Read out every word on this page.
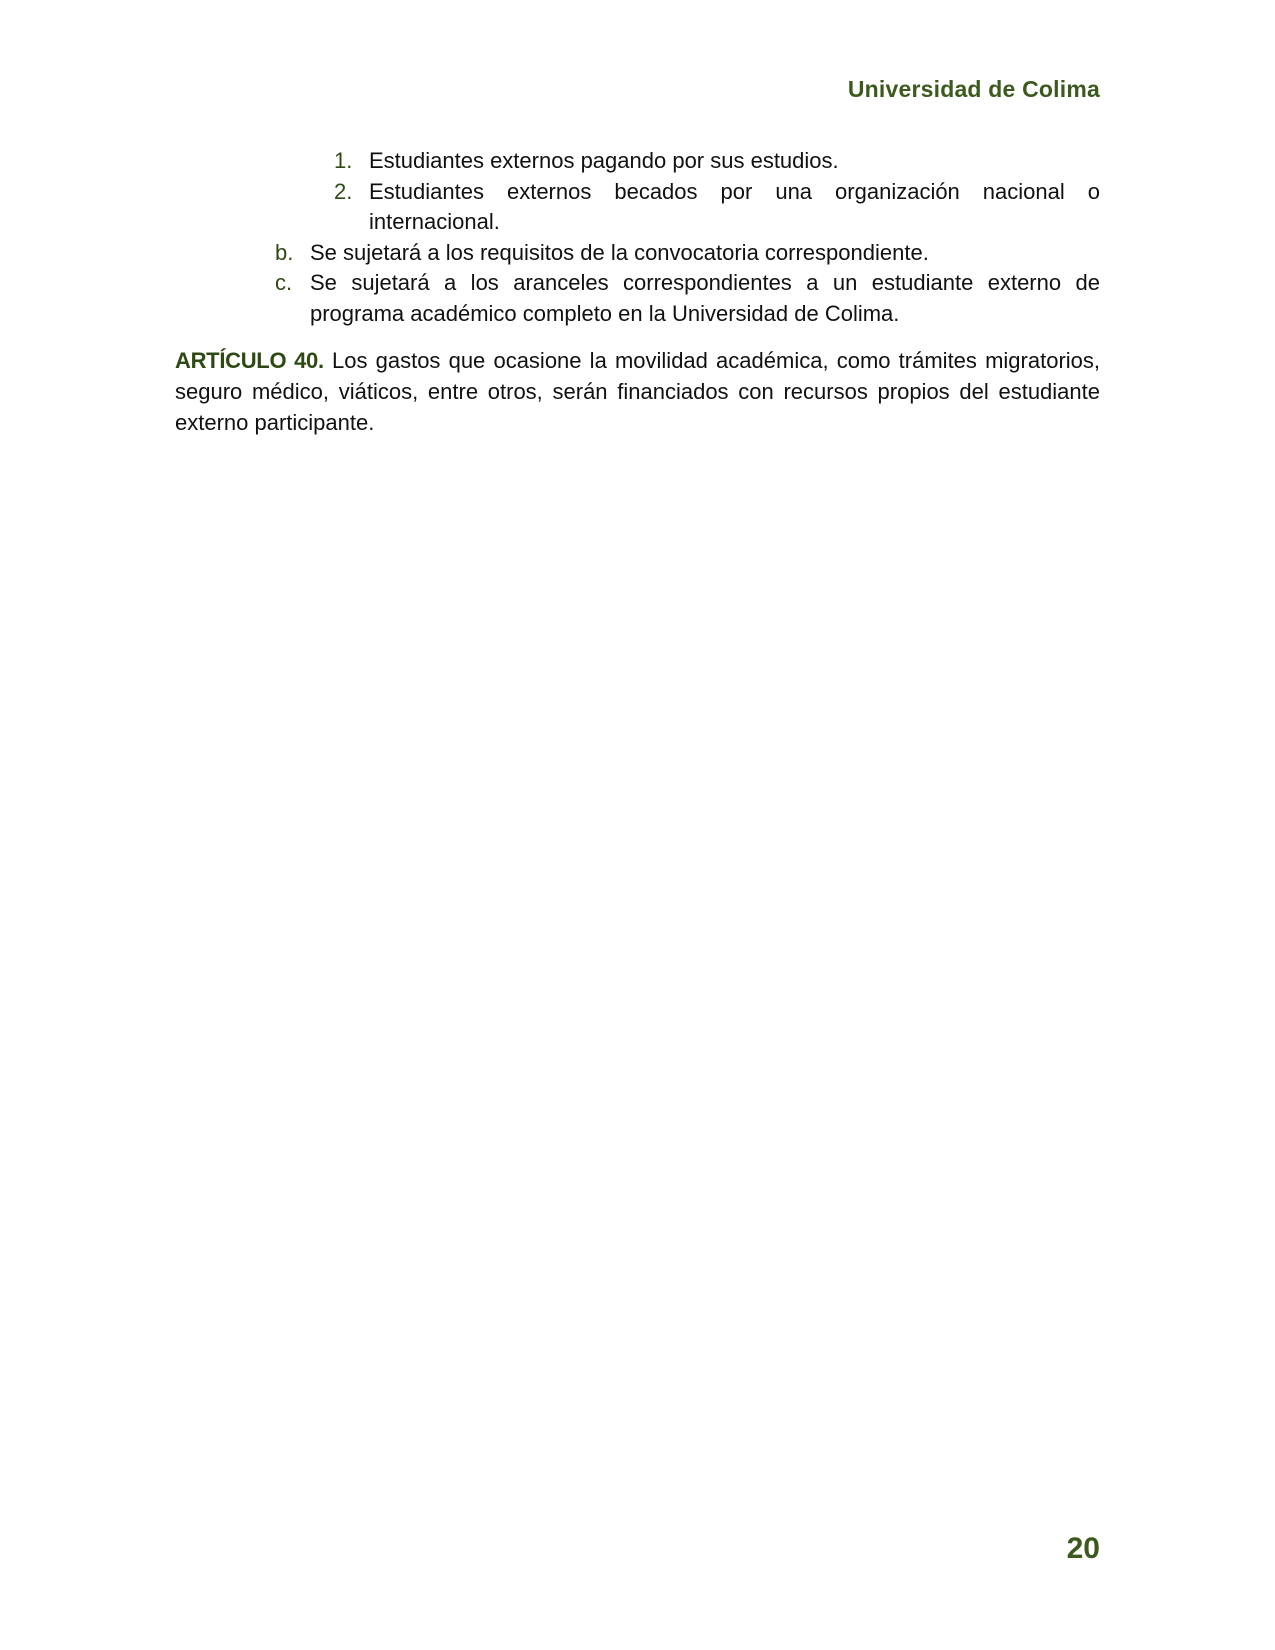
Universidad de Colima
1. Estudiantes externos pagando por sus estudios.
2. Estudiantes externos becados por una organización nacional o internacional.
b. Se sujetará a los requisitos de la convocatoria correspondiente.
c. Se sujetará a los aranceles correspondientes a un estudiante externo de programa académico completo en la Universidad de Colima.

ARTÍCULO 40. Los gastos que ocasione la movilidad académica, como trámites migratorios, seguro médico, viáticos, entre otros, serán financiados con recursos propios del estudiante externo participante.

20
